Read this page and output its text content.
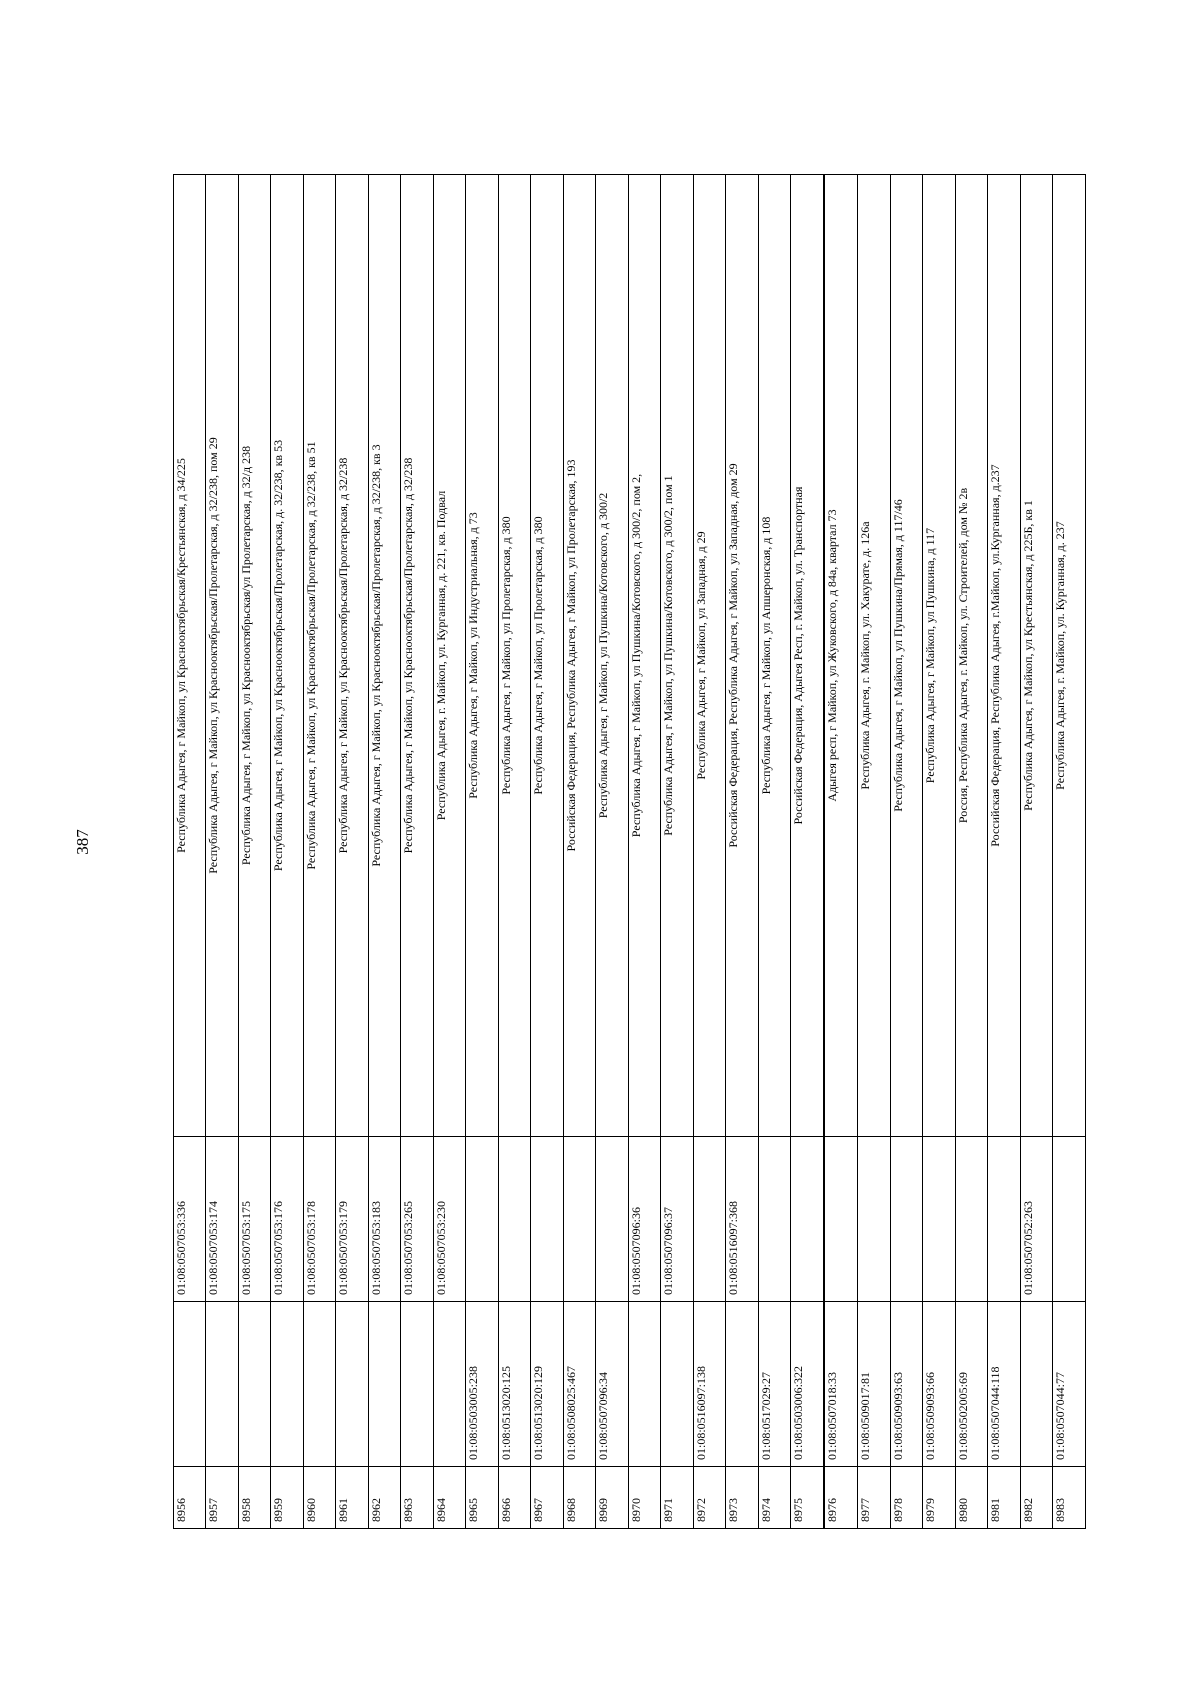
387
8956		01:08:0507053:336	Республика Адыгея, г Майкоп, ул Краснооктябрьская/Крестьянская, д 34/225
8957		01:08:0507053:174	Республика Адыгея, г Майкоп, ул Краснооктябрьская/Пролетарская, д 32/238, пом 29
8958		01:08:0507053:175	Республика Адыгея, г Майкоп, ул Краснооктябрьская/ул Пролетарская, д 32/д 238
8959		01:08:0507053:176	Республика Адыгея, г Майкоп, ул Краснооктябрьская/Пролетарская, д. 32/238, кв 53
8960		01:08:0507053:178	Республика Адыгея, г Майкоп, ул Краснооктябрьская/Пролетарская, д 32/238, кв 51
8961		01:08:0507053:179	Республика Адыгея, г Майкоп, ул Краснооктябрьская/Пролетарская, д 32/238
8962		01:08:0507053:183	Республика Адыгея, г Майкоп, ул Краснооктябрьская/Пролетарская, д 32/238, кв 3
8963		01:08:0507053:265	Республика Адыгея, г Майкоп, ул Краснооктябрьская/Пролетарская, д 32/238
8964		01:08:0507053:230	Республика Адыгея, г. Майкоп, ул. Курганная, д. 221, кв. Подвал
8965	01:08:0503005:238		Республика Адыгея, г Майкоп, ул Индустриальная, д 73
8966	01:08:0513020:125		Республика Адыгея, г Майкоп, ул Пролетарская, д 380
8967	01:08:0513020:129		Республика Адыгея, г Майкоп, ул Пролетарская, д 380
8968	01:08:0508025:467		Российская Федерация, Республика Адыгея, г Майкоп, ул Пролетарская, 193
8969	01:08:0507096:34		Республика Адыгея, г Майкоп, ул Пушкина/Котовского, д 300/2
8970		01:08:0507096:36	Республика Адыгея, г Майкоп, ул Пушкина/Котовского, д 300/2, пом 2,
8971		01:08:0507096:37	Республика Адыгея, г Майкоп, ул Пушкина/Котовского, д 300/2, пом 1
8972	01:08:0516097:138		Республика Адыгея, г Майкоп, ул Западная, д 29
8973		01:08:0516097:368	Российская Федерация, Республика Адыгея, г Майкоп, ул Западная, дом 29
8974	01:08:0517029:27		Республика Адыгея, г Майкоп, ул Апшеронская, д 108
8975	01:08:0503006:322		Российская Федерация, Адыгея Респ, г. Майкоп, ул. Транспортная
8976	01:08:0507018:33		Адыгея респ, г Майкоп, ул Жуковского, д 84а, квартал 73
8977	01:08:0509017:81		Республика Адыгея, г. Майкоп, ул. Хакурате, д. 126а
8978	01:08:0509093:63		Республика Адыгея, г Майкоп, ул Пушкина/Прямая, д 117/46
8979	01:08:0509093:66		Республика Адыгея, г Майкоп, ул Пушкина, д 117
8980	01:08:0502005:69		Россия, Республика Адыгея, г. Майкоп, ул. Строителей, дом № 2в
8981	01:08:0507044:118		Российская Федерация, Республика Адыгея, г.Майкоп, ул.Курганная, д.237
8982		01:08:0507052:263	Республика Адыгея, г Майкоп, ул Крестьянская, д 225Б, кв 1
8983	01:08:0507044:77		Республика Адыгея, г. Майкоп, ул. Курганная, д. 237
